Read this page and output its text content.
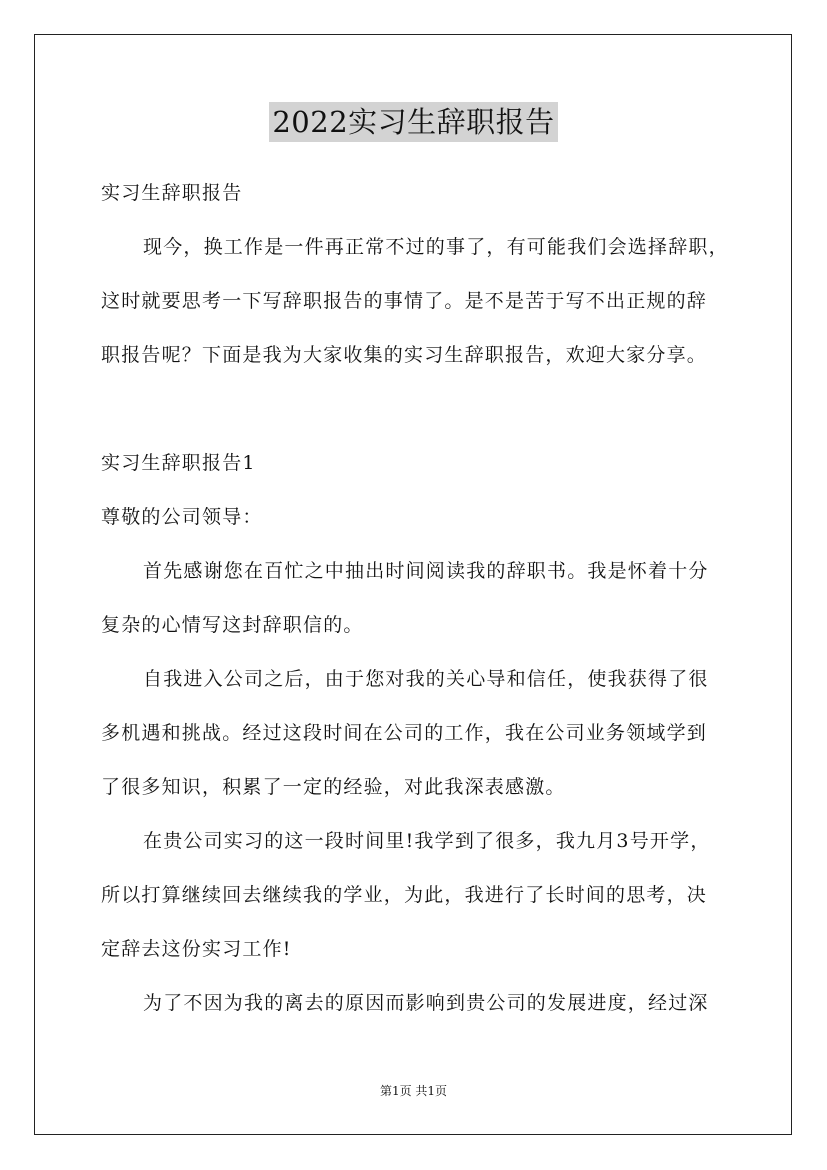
2022实习生辞职报告
实习生辞职报告
现今，换工作是一件再正常不过的事了，有可能我们会选择辞职，
这时就要思考一下写辞职报告的事情了。是不是苦于写不出正规的辞
职报告呢？下面是我为大家收集的实习生辞职报告，欢迎大家分享。
实习生辞职报告1
尊敬的公司领导：
首先感谢您在百忙之中抽出时间阅读我的辞职书。我是怀着十分
复杂的心情写这封辞职信的。
自我进入公司之后，由于您对我的关心导和信任，使我获得了很
多机遇和挑战。经过这段时间在公司的工作，我在公司业务领域学到
了很多知识，积累了一定的经验，对此我深表感激。
在贵公司实习的这一段时间里!我学到了很多，我九月3号开学，
所以打算继续回去继续我的学业，为此，我进行了长时间的思考，决
定辞去这份实习工作!
为了不因为我的离去的原因而影响到贵公司的发展进度，经过深
第1页 共1页
